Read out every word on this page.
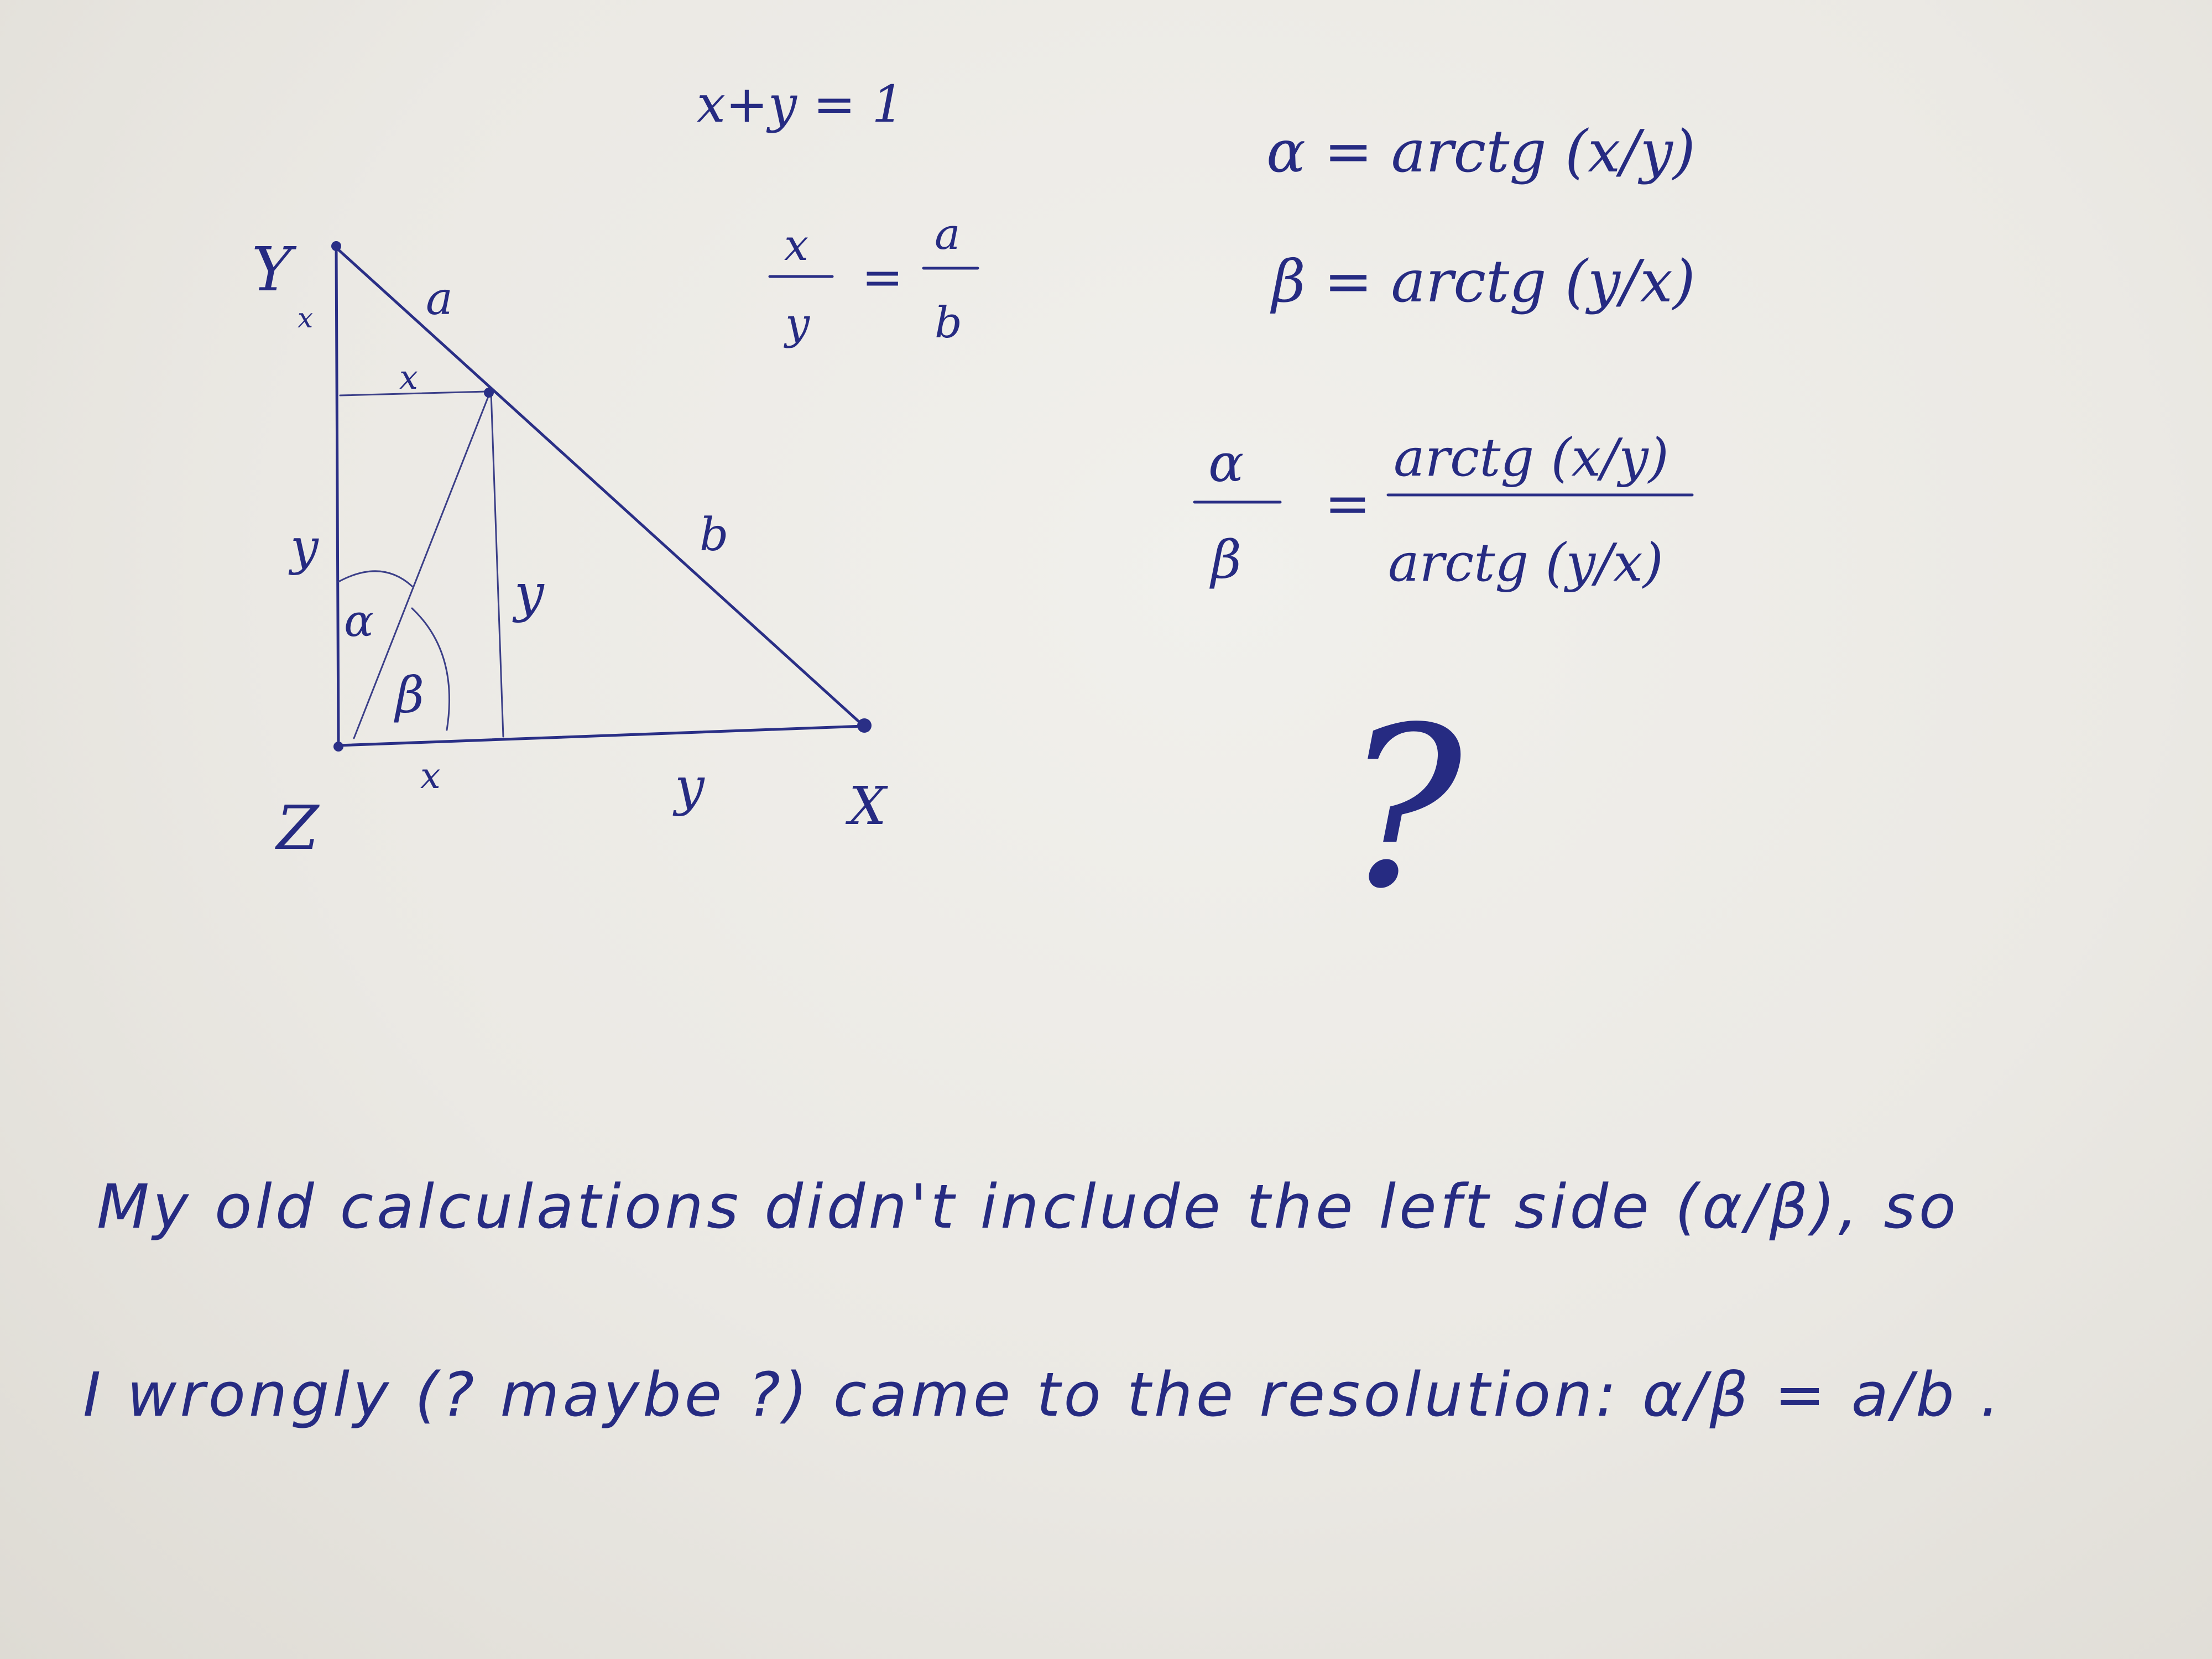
Y
x
x
a
b
y
y
x	y	X
Z
α
β
x+y = 1
x
y
=
a
b
α = arctg (x/y)
β = arctg (y/x)
α
β
=
arctg (x/y)
arctg (y/x)
?
My old calculations didn't include the left side (α/β), so
I wrongly (? maybe ?) came to the resolution: α/β = a/b .
